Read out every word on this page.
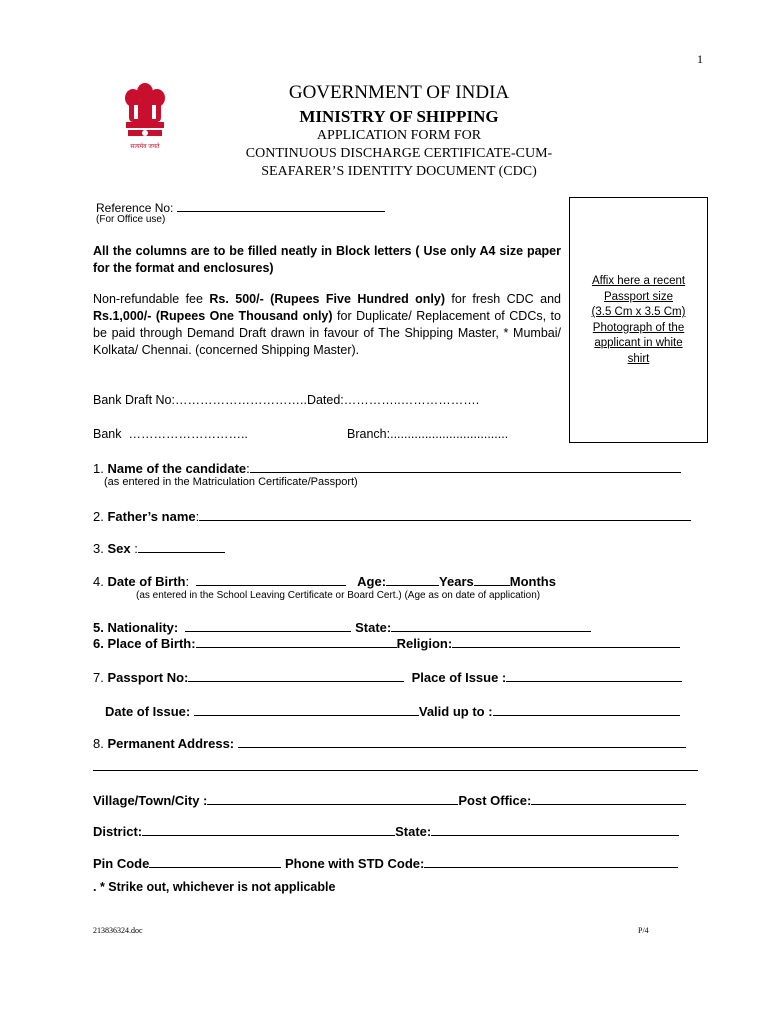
1
सत्यमेव जयते
GOVERNMENT OF INDIA
MINISTRY OF SHIPPING
APPLICATION FORM FOR
CONTINUOUS DISCHARGE CERTIFICATE-CUM-
SEAFARER’S IDENTITY DOCUMENT (CDC)
Reference No:
(For Office use)
Affix here a recent
Passport size
(3.5 Cm x 3.5 Cm)
Photograph of the
applicant in white
shirt
All the columns are to be filled neatly in Block letters ( Use only A4 size paper for the format and enclosures)
Non-refundable fee Rs. 500/- (Rupees Five Hundred only) for fresh CDC and Rs.1,000/- (Rupees One Thousand only) for Duplicate/ Replacement of CDCs, to be paid through Demand Draft drawn in favour of The Shipping Master, * Mumbai/ Kolkata/ Chennai. (concerned Shipping Master).
Bank Draft No:…………………………..Dated:…………..……………….
Bank ………………………..	Branch:..................................
1. Name of the candidate:
(as entered in the Matriculation Certificate/Passport)
2. Father’s name:
3. Sex :
4. Date of Birth:	Age:	Years	Months
(as entered in the School Leaving Certificate or Board Cert.) (Age as on date of application)
5. Nationality:	State:
6. Place of Birth:	Religion:
7. Passport No:	Place of Issue :
Date of Issue:	Valid up to :
8. Permanent Address:
Village/Town/City :	Post Office:
District:	State:
Pin Code	Phone with STD Code:
. * Strike out, whichever is not applicable
213836324.doc	P/4
